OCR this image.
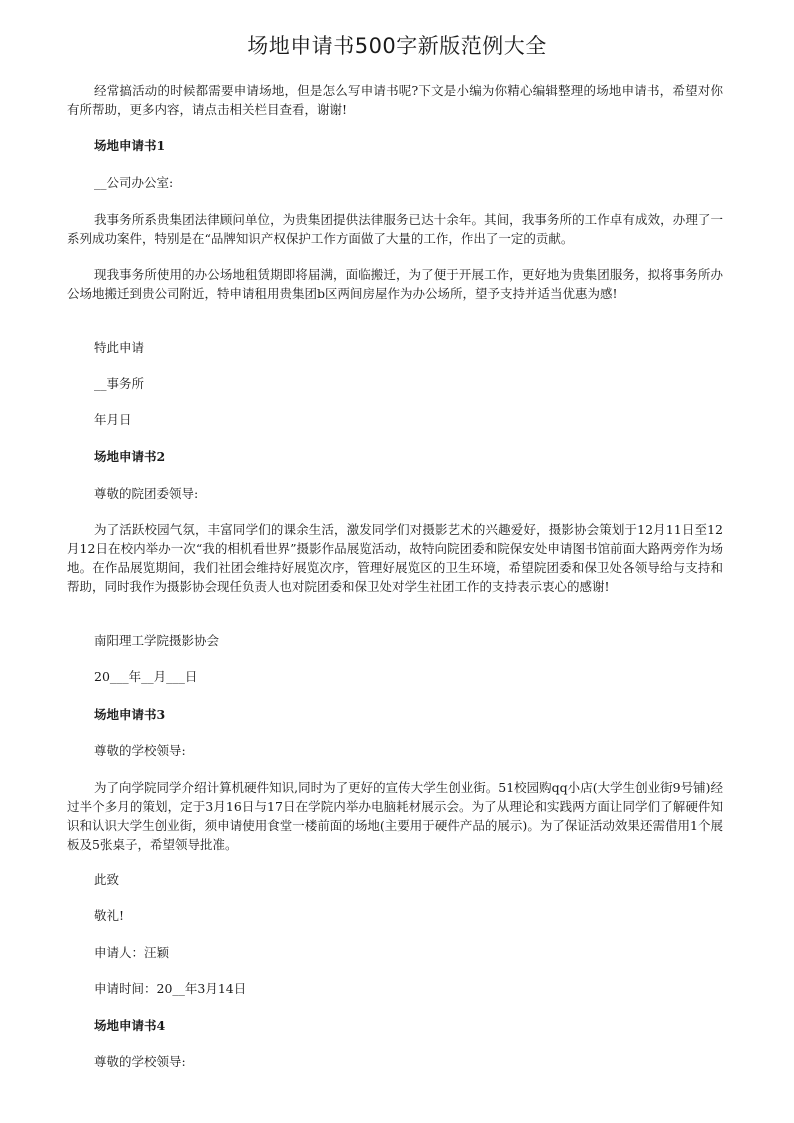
场地申请书500字新版范例大全

经常搞活动的时候都需要申请场地，但是怎么写申请书呢?下文是小编为你精心编辑整理的场地申请书，希望对你有所帮助，更多内容，请点击相关栏目查看，谢谢!

场地申请书1

__公司办公室:

我事务所系贵集团法律顾问单位，为贵集团提供法律服务已达十余年。其间，我事务所的工作卓有成效，办理了一系列成功案件，特别是在“品牌知识产权保护工作方面做了大量的工作，作出了一定的贡献。

现我事务所使用的办公场地租赁期即将届满，面临搬迁，为了便于开展工作，更好地为贵集团服务，拟将事务所办公场地搬迁到贵公司附近，特申请租用贵集团b区两间房屋作为办公场所，望予支持并适当优惠为感!

特此申请

__事务所

年月日

场地申请书2

尊敬的院团委领导:

为了活跃校园气氛，丰富同学们的课余生活，激发同学们对摄影艺术的兴趣爱好，摄影协会策划于12月11日至12月12日在校内举办一次“我的相机看世界”摄影作品展览活动，故特向院团委和院保安处申请图书馆前面大路两旁作为场地。在作品展览期间，我们社团会维持好展览次序，管理好展览区的卫生环境，希望院团委和保卫处各领导给与支持和帮助，同时我作为摄影协会现任负责人也对院团委和保卫处对学生社团工作的支持表示衷心的感谢!

南阳理工学院摄影协会

20___年__月___日

场地申请书3

尊敬的学校领导:

为了向学院同学介绍计算机硬件知识,同时为了更好的宣传大学生创业街。51校园购qq小店(大学生创业街9号铺)经过半个多月的策划，定于3月16日与17日在学院内举办电脑耗材展示会。为了从理论和实践两方面让同学们了解硬件知识和认识大学生创业街，须申请使用食堂一楼前面的场地(主要用于硬件产品的展示)。为了保证活动效果还需借用1个展板及5张桌子，希望领导批准。

此致

敬礼!

申请人：汪颖

申请时间：20__年3月14日

场地申请书4

尊敬的学校领导:
